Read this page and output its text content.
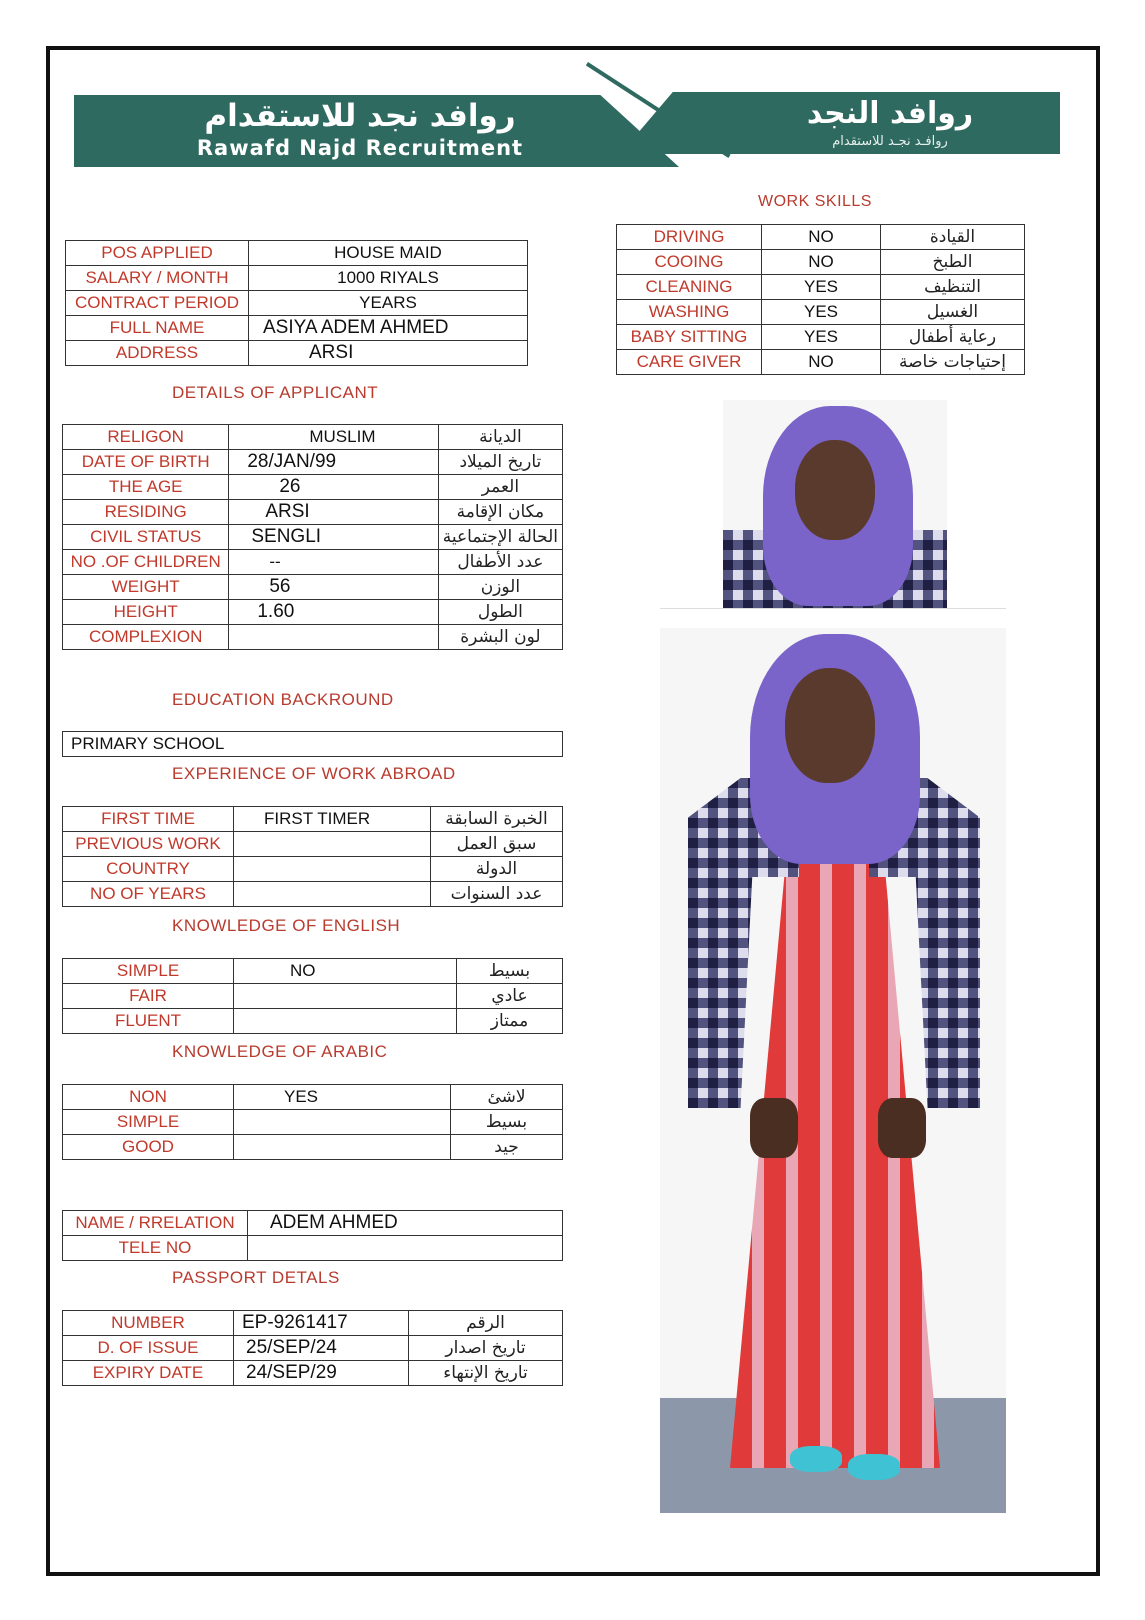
روافد نجد للاستقدام
Rawafd Najd Recruitment
روافد النجد
روافـد نجـد للاستقدام
WORK SKILLS
POS APPLIED	HOUSE MAID
SALARY / MONTH	1000 RIYALS
CONTRACT PERIOD	YEARS
FULL NAME	ASIYA ADEM AHMED
ADDRESS	ARSI
DETAILS OF APPLICANT
RELIGON	MUSLIM	الديانة
DATE OF BIRTH	28/JAN/99	تاريخ الميلاد
THE AGE	26	العمر
RESIDING	ARSI	مكان الإقامة
CIVIL STATUS	SENGLI	الحالة الإجتماعية
NO .OF CHILDREN	--	عدد الأطفال
WEIGHT	56	الوزن
HEIGHT	1.60	الطول
COMPLEXION		لون البشرة
EDUCATION BACKROUND
PRIMARY SCHOOL
EXPERIENCE OF WORK ABROAD
FIRST TIME	FIRST TIMER	الخبرة السابقة
PREVIOUS WORK		سبق العمل
COUNTRY		الدولة
NO OF YEARS		عدد السنوات
KNOWLEDGE OF ENGLISH
SIMPLE	NO	بسيط
FAIR		عادي
FLUENT		ممتاز
KNOWLEDGE OF ARABIC
NON	YES	لاشئ
SIMPLE		بسيط
GOOD		جيد
NAME / RRELATION	ADEM AHMED
TELE NO	
PASSPORT DETALS
NUMBER	EP-9261417	الرقم
D. OF ISSUE	25/SEP/24	تاريخ اصدار
EXPIRY DATE	24/SEP/29	تاريخ الإنتهاء
DRIVING	NO	القيادة
COOING	NO	الطبخ
CLEANING	YES	التنظيف
WASHING	YES	الغسيل
BABY SITTING	YES	رعاية أطفال
CARE GIVER	NO	إحتياجات خاصة
